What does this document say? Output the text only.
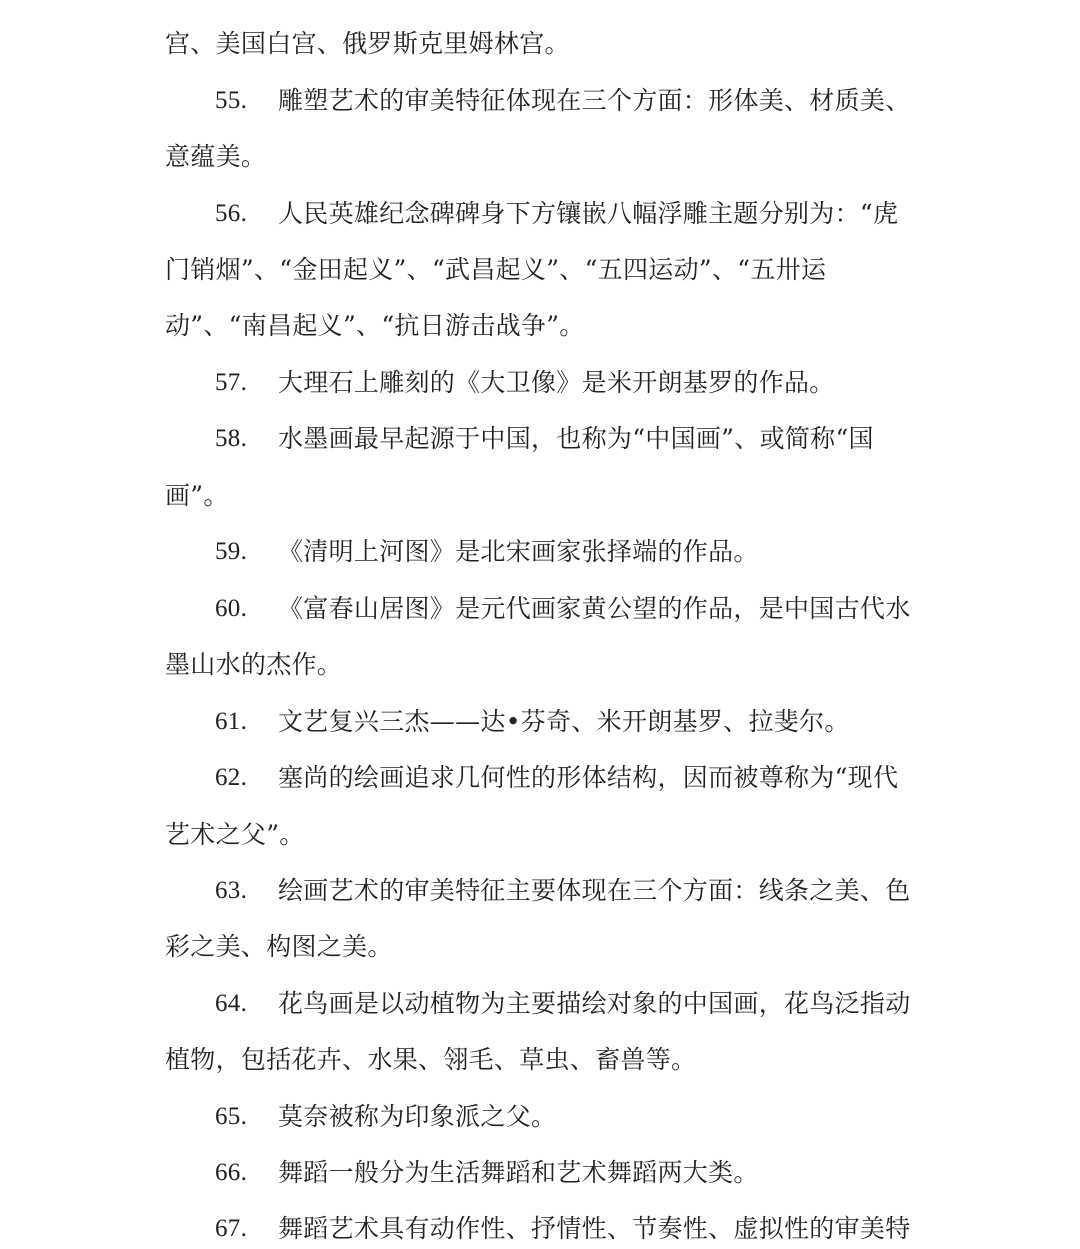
宫、美国白宫、俄罗斯克里姆林宫。
55. 雕塑艺术的审美特征体现在三个方面：形体美、材质美、
意蕴美。
56. 人民英雄纪念碑碑身下方镶嵌八幅浮雕主题分别为：“虎
门销烟”、“金田起义”、“武昌起义”、“五四运动”、“五卅运
动”、“南昌起义”、“抗日游击战争”。
57. 大理石上雕刻的《大卫像》是米开朗基罗的作品。
58. 水墨画最早起源于中国，也称为“中国画”、或简称“国
画”。
59. 《清明上河图》是北宋画家张择端的作品。
60. 《富春山居图》是元代画家黄公望的作品，是中国古代水
墨山水的杰作。
61. 文艺复兴三杰——达•芬奇、米开朗基罗、拉斐尔。
62. 塞尚的绘画追求几何性的形体结构，因而被尊称为“现代
艺术之父”。
63. 绘画艺术的审美特征主要体现在三个方面：线条之美、色
彩之美、构图之美。
64. 花鸟画是以动植物为主要描绘对象的中国画，花鸟泛指动
植物，包括花卉、水果、翎毛、草虫、畜兽等。
65. 莫奈被称为印象派之父。
66. 舞蹈一般分为生活舞蹈和艺术舞蹈两大类。
67. 舞蹈艺术具有动作性、抒情性、节奏性、虚拟性的审美特
